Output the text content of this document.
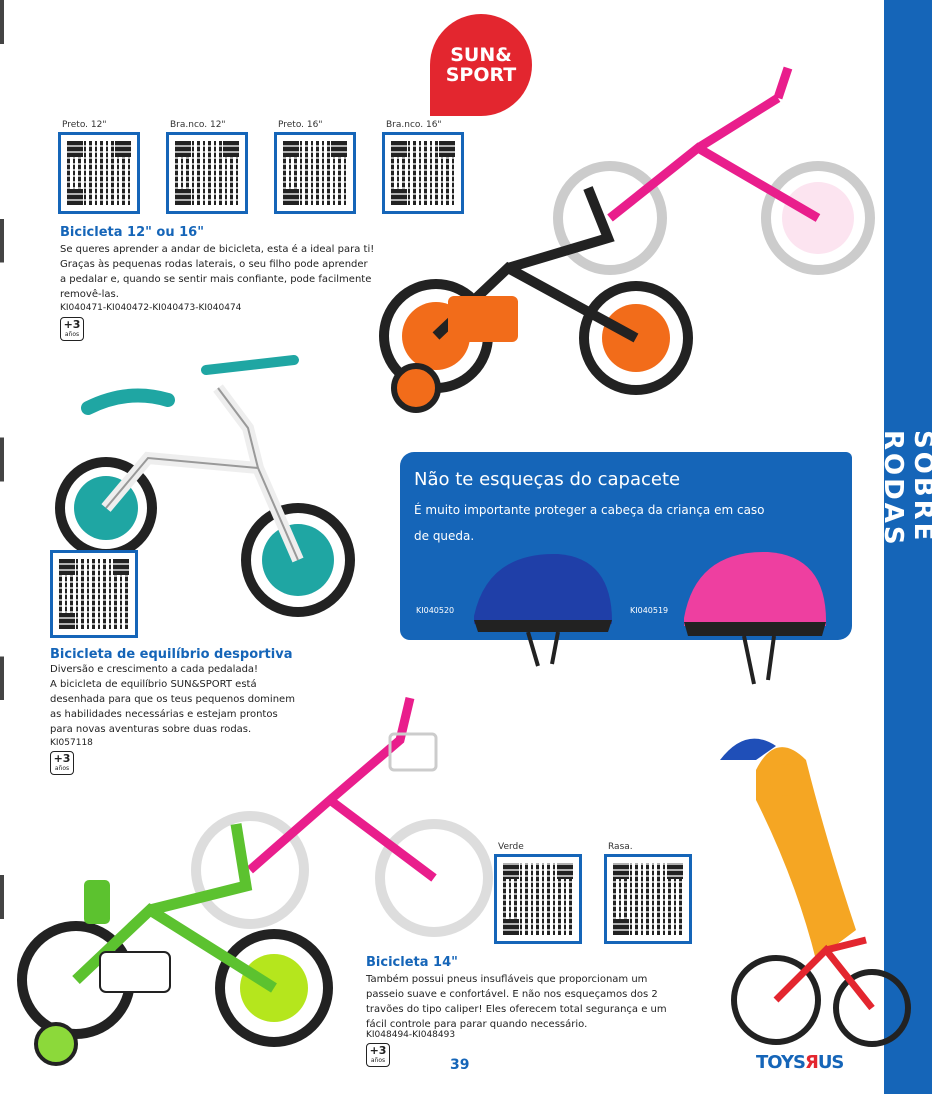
SOBRE RODAS
SUN&
SPORT
Preto. 12"	Bra.nco. 12"	Preto. 16"	Bra.nco. 16"
Bicicleta 12" ou 16"
Se queres aprender a andar de bicicleta, esta é a ideal para ti!
Graças às pequenas rodas laterais, o seu filho pode aprender
a pedalar e, quando se sentir mais confiante, pode facilmente
removê-las.
KI040471-KI040472-KI040473-KI040474
+3
años
Bicicleta de equilíbrio desportiva
Diversão e crescimento a cada pedalada!
A bicicleta de equilíbrio SUN&SPORT está
desenhada para que os teus pequenos dominem
as habilidades necessárias e estejam prontos
para novas aventuras sobre duas rodas.
KI057118
+3
años
Não te esqueças do capacete
É muito importante proteger a cabeça da criança em caso de queda.
KI040520	KI040519
Verde	Rasa.
Bicicleta 14"
Também possui pneus insufláveis que proporcionam um
passeio suave e confortável. E não nos esqueçamos dos 2
travões do tipo caliper! Eles oferecem total segurança e um
fácil controle para parar quando necessário.
KI048494-KI048493
+3
años	39	TOYSЯUS
